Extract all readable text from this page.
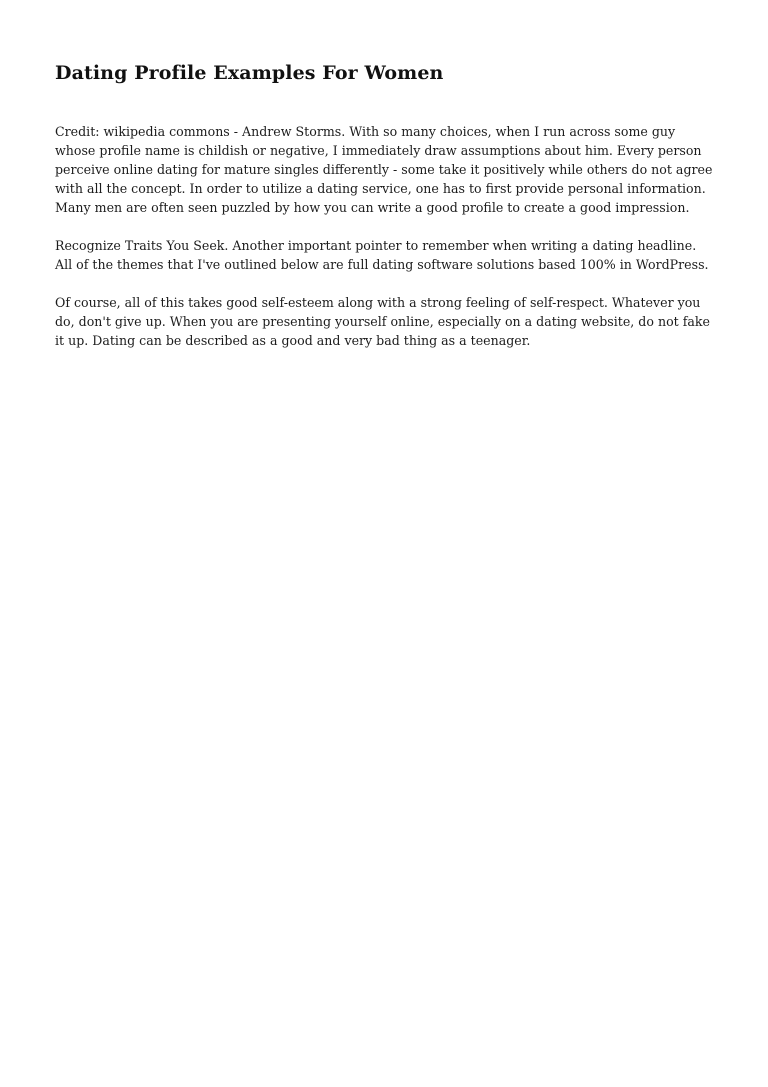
Dating Profile Examples For Women

Credit: wikipedia commons - Andrew Storms. With so many choices, when I run across some guy whose profile name is childish or negative, I immediately draw assumptions about him. Every person perceive online dating for mature singles differently - some take it positively while others do not agree with all the concept. In order to utilize a dating service, one has to first provide personal information. Many men are often seen puzzled by how you can write a good profile to create a good impression.

Recognize Traits You Seek. Another important pointer to remember when writing a dating headline. All of the themes that I've outlined below are full dating software solutions based 100% in WordPress.

Of course, all of this takes good self-esteem along with a strong feeling of self-respect. Whatever you do, don't give up. When you are presenting yourself online, especially on a dating website, do not fake it up. Dating can be described as a good and very bad thing as a teenager.
